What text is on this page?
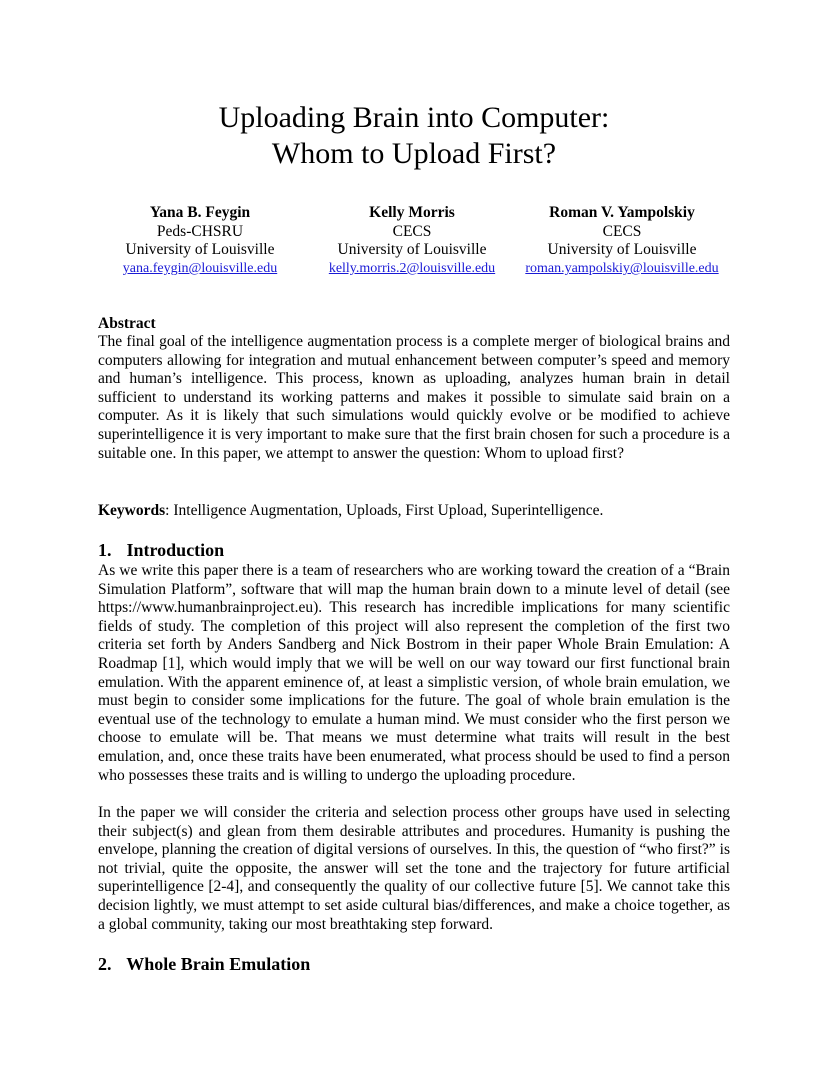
Uploading Brain into Computer:
Whom to Upload First?
Yana B. Feygin
Peds-CHSRU
University of Louisville
yana.feygin@louisville.edu
Kelly Morris
CECS
University of Louisville
kelly.morris.2@louisville.edu
Roman V. Yampolskiy
CECS
University of Louisville
roman.yampolskiy@louisville.edu
Abstract

The final goal of the intelligence augmentation process is a complete merger of biological brains and computers allowing for integration and mutual enhancement between computer’s speed and memory and human’s intelligence. This process, known as uploading, analyzes human brain in detail sufficient to understand its working patterns and makes it possible to simulate said brain on a computer. As it is likely that such simulations would quickly evolve or be modified to achieve superintelligence it is very important to make sure that the first brain chosen for such a procedure is a suitable one. In this paper, we attempt to answer the question: Whom to upload first?

Keywords: Intelligence Augmentation, Uploads, First Upload, Superintelligence.

1. Introduction

As we write this paper there is a team of researchers who are working toward the creation of a “Brain Simulation Platform”, software that will map the human brain down to a minute level of detail (see https://www.humanbrainproject.eu). This research has incredible implications for many scientific fields of study. The completion of this project will also represent the completion of the first two criteria set forth by Anders Sandberg and Nick Bostrom in their paper Whole Brain Emulation: A Roadmap [1], which would imply that we will be well on our way toward our first functional brain emulation. With the apparent eminence of, at least a simplistic version, of whole brain emulation, we must begin to consider some implications for the future. The goal of whole brain emulation is the eventual use of the technology to emulate a human mind. We must consider who the first person we choose to emulate will be. That means we must determine what traits will result in the best emulation, and, once these traits have been enumerated, what process should be used to find a person who possesses these traits and is willing to undergo the uploading procedure.

In the paper we will consider the criteria and selection process other groups have used in selecting their subject(s) and glean from them desirable attributes and procedures. Humanity is pushing the envelope, planning the creation of digital versions of ourselves. In this, the question of “who first?” is not trivial, quite the opposite, the answer will set the tone and the trajectory for future artificial superintelligence [2-4], and consequently the quality of our collective future [5]. We cannot take this decision lightly, we must attempt to set aside cultural bias/differences, and make a choice together, as a global community, taking our most breathtaking step forward.

2. Whole Brain Emulation
